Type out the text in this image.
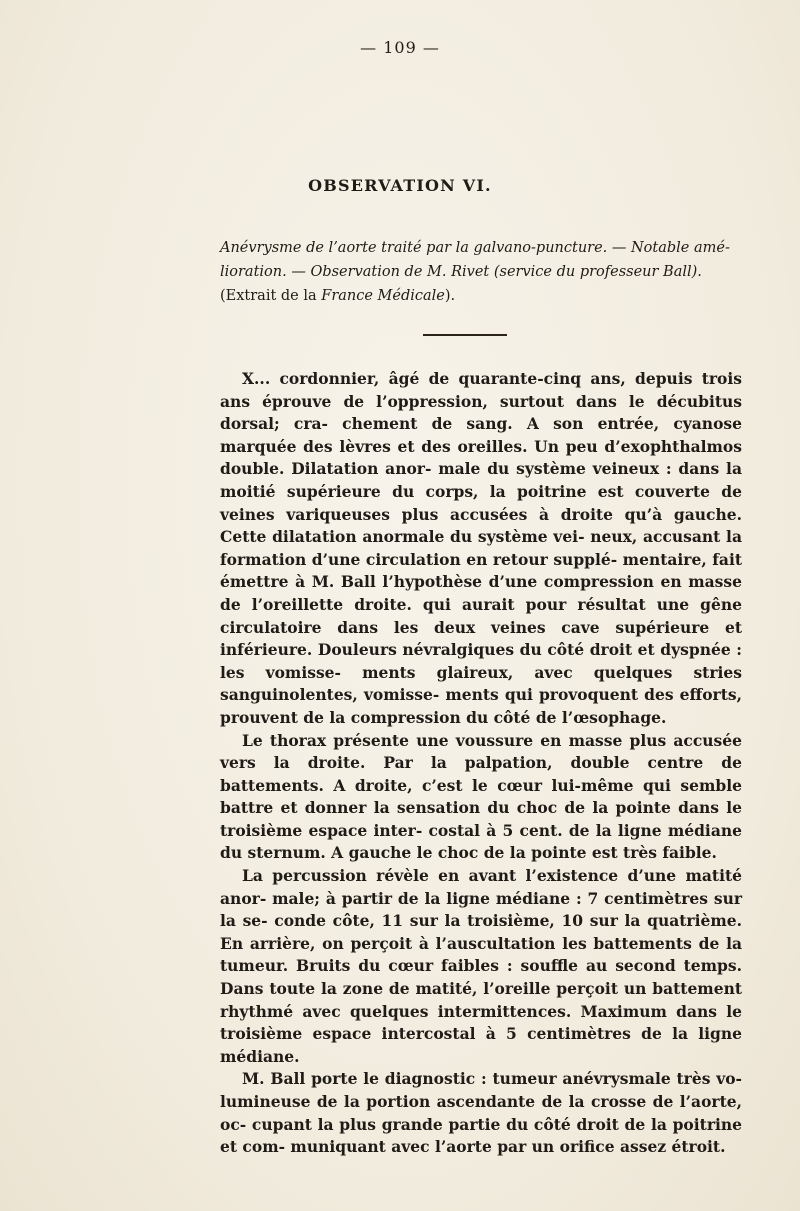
— 109 —
OBSERVATION VI.
Anévrysme de l’aorte traité par la galvano-puncture. — Notable amé- lioration. — Observation de M. Rivet (service du professeur Ball).
(Extrait de la France Médicale).

X... cordonnier, âgé de quarante-cinq ans, depuis trois ans éprouve de l’oppression, surtout dans le décubitus dorsal; cra- chement de sang. A son entrée, cyanose marquée des lèvres et des oreilles. Un peu d’exophthalmos double. Dilatation anor- male du système veineux : dans la moitié supérieure du corps, la poitrine est couverte de veines variqueuses plus accusées à droite qu’à gauche. Cette dilatation anormale du système vei- neux, accusant la formation d’une circulation en retour supplé- mentaire, fait émettre à M. Ball l’hypothèse d’une compression en masse de l’oreillette droite. qui aurait pour résultat une gêne circulatoire dans les deux veines cave supérieure et inférieure. Douleurs névralgiques du côté droit et dyspnée : les vomisse- ments glaireux, avec quelques stries sanguinolentes, vomisse- ments qui provoquent des efforts, prouvent de la compression du côté de l’œsophage.

Le thorax présente une voussure en masse plus accusée vers la droite. Par la palpation, double centre de battements. A droite, c’est le cœur lui-même qui semble battre et donner la sensation du choc de la pointe dans le troisième espace inter- costal à 5 cent. de la ligne médiane du sternum. A gauche le choc de la pointe est très faible.

La percussion révèle en avant l’existence d’une matité anor- male; à partir de la ligne médiane : 7 centimètres sur la se- conde côte, 11 sur la troisième, 10 sur la quatrième. En arrière, on perçoit à l’auscultation les battements de la tumeur. Bruits du cœur faibles : souffle au second temps. Dans toute la zone de matité, l’oreille perçoit un battement rhythmé avec quelques intermittences. Maximum dans le troisième espace intercostal à 5 centimètres de la ligne médiane.

M. Ball porte le diagnostic : tumeur anévrysmale très vo- lumineuse de la portion ascendante de la crosse de l’aorte, oc- cupant la plus grande partie du côté droit de la poitrine et com- muniquant avec l’aorte par un orifice assez étroit.
